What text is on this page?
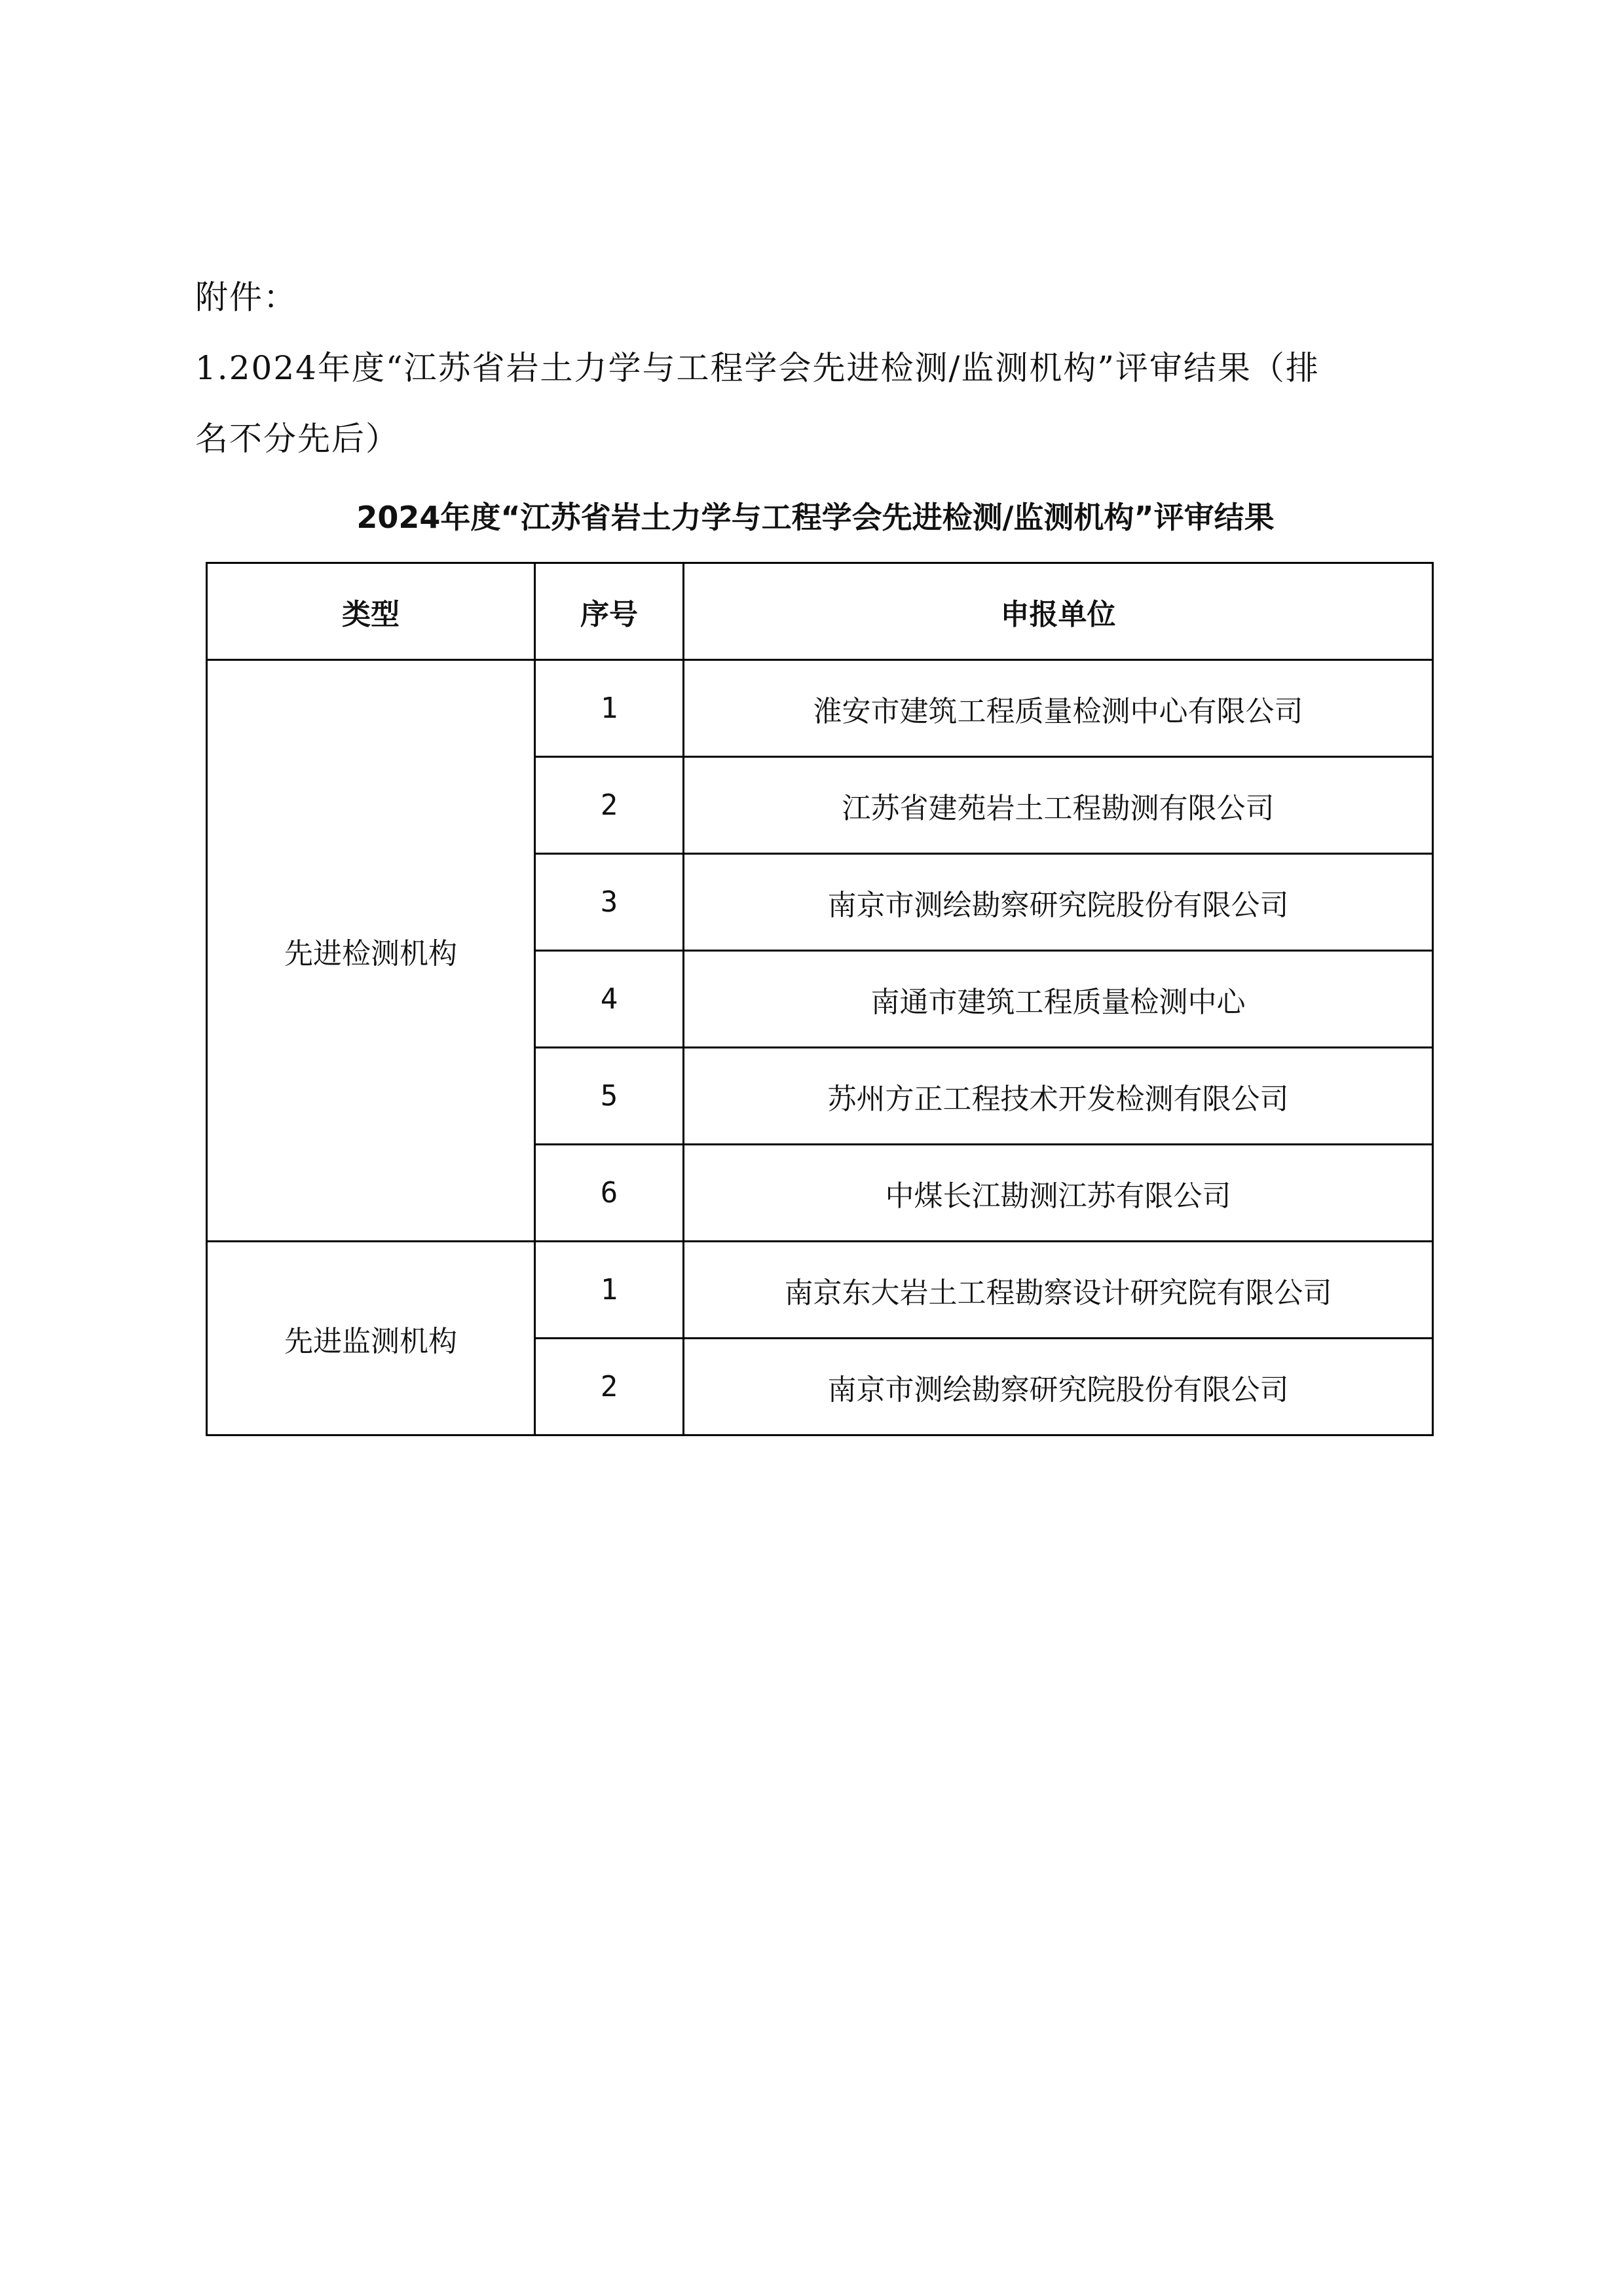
附件：

1.2024年度“江苏省岩土力学与工程学会先进检测/监测机构”评审结果（排

名不分先后）

2024年度“江苏省岩土力学与工程学会先进检测/监测机构”评审结果
类型	序号	申报单位
先进检测机构	1	淮安市建筑工程质量检测中心有限公司
	2	江苏省建苑岩土工程勘测有限公司
	3	南京市测绘勘察研究院股份有限公司
	4	南通市建筑工程质量检测中心
	5	苏州方正工程技术开发检测有限公司
	6	中煤长江勘测江苏有限公司
先进监测机构	1	南京东大岩土工程勘察设计研究院有限公司
	2	南京市测绘勘察研究院股份有限公司
